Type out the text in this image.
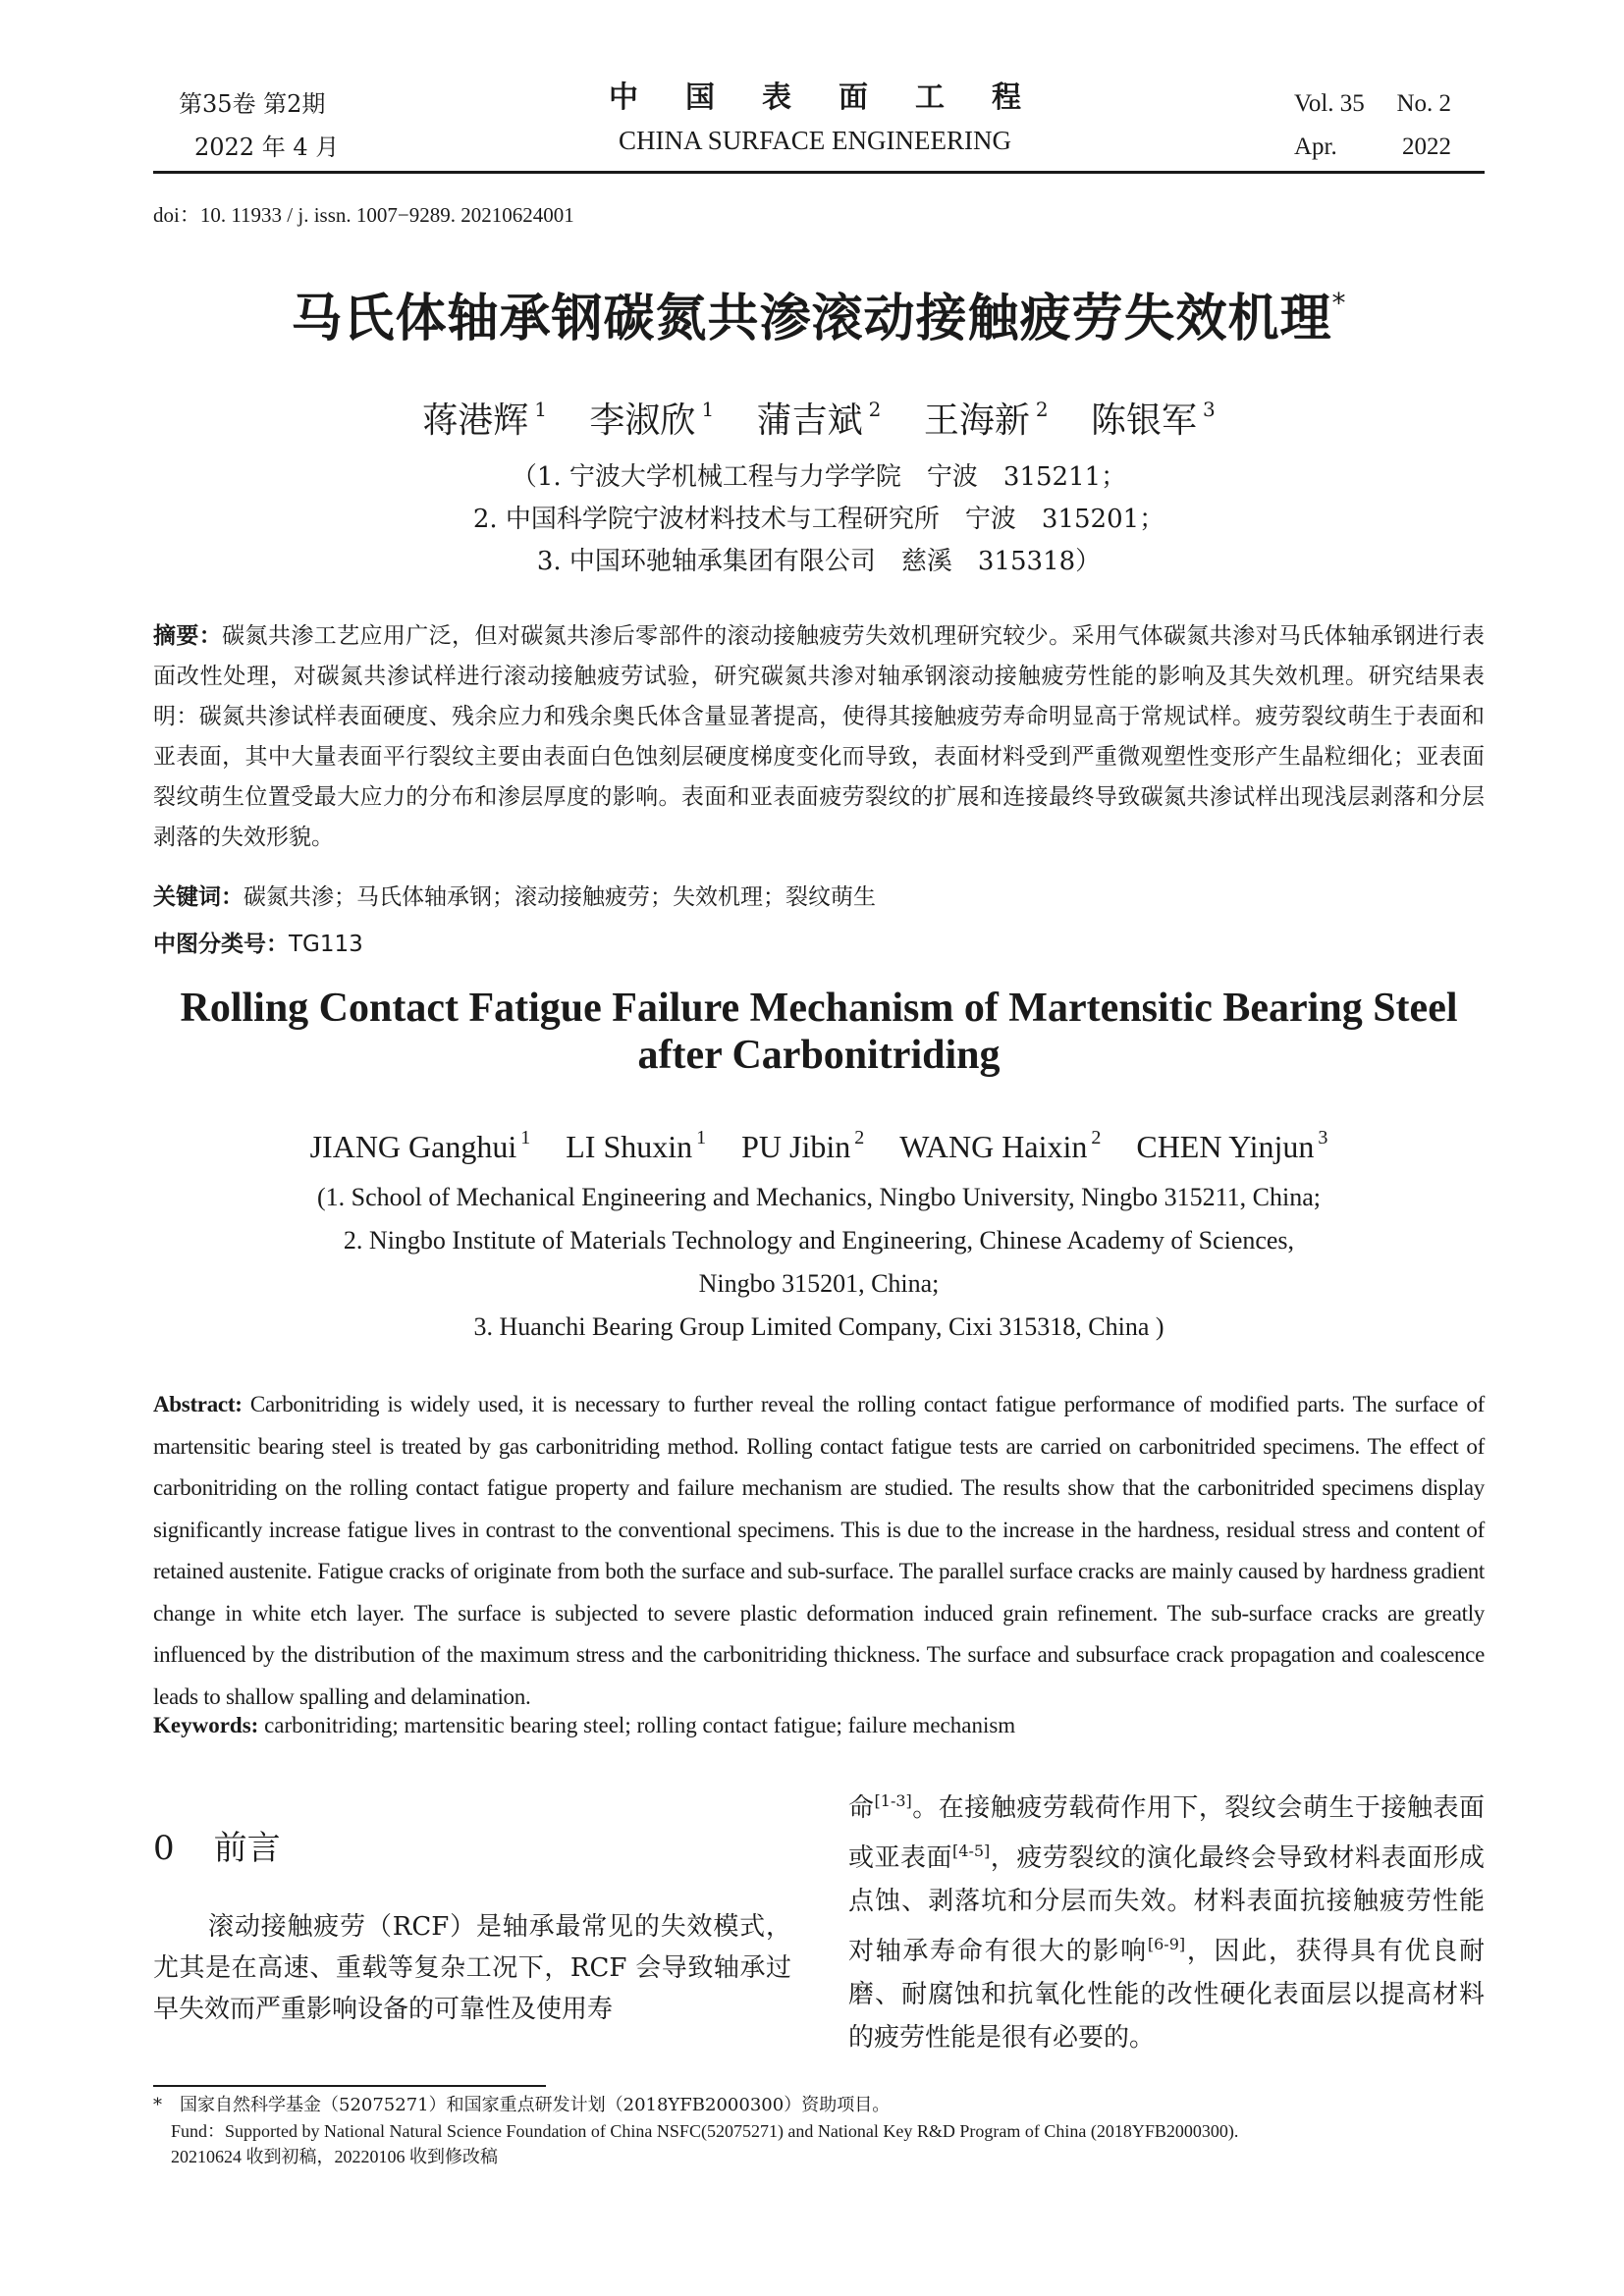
第35卷 第2期
2022 年 4 月
中国表面工程
CHINA SURFACE ENGINEERING
Vol. 35 No. 2
Apr.	2022
doi：10. 11933 / j. issn. 1007−9289. 20210624001
马氏体轴承钢碳氮共渗滚动接触疲劳失效机理*
蒋港辉 $^1$ 李淑欣 $^1$ 蒲吉斌 $^2$ 王海新 $^2$ 陈银军 $^3$
（1. 宁波大学机械工程与力学学院　宁波　315211；
2. 中国科学院宁波材料技术与工程研究所　宁波　315201；
3. 中国环驰轴承集团有限公司　慈溪　315318）
摘要：碳氮共渗工艺应用广泛，但对碳氮共渗后零部件的滚动接触疲劳失效机理研究较少。采用气体碳氮共渗对马氏体轴承钢进行表面改性处理，对碳氮共渗试样进行滚动接触疲劳试验，研究碳氮共渗对轴承钢滚动接触疲劳性能的影响及其失效机理。研究结果表明：碳氮共渗试样表面硬度、残余应力和残余奥氏体含量显著提高，使得其接触疲劳寿命明显高于常规试样。疲劳裂纹萌生于表面和亚表面，其中大量表面平行裂纹主要由表面白色蚀刻层硬度梯度变化而导致，表面材料受到严重微观塑性变形产生晶粒细化；亚表面裂纹萌生位置受最大应力的分布和渗层厚度的影响。表面和亚表面疲劳裂纹的扩展和连接最终导致碳氮共渗试样出现浅层剥落和分层剥落的失效形貌。
关键词：碳氮共渗；马氏体轴承钢；滚动接触疲劳；失效机理；裂纹萌生
中图分类号：TG113
Rolling Contact Fatigue Failure Mechanism of Martensitic Bearing Steel
after Carbonitriding
JIANG Ganghui $^1$ LI Shuxin $^1$ PU Jibin $^2$ WANG Haixin $^2$ CHEN Yinjun $^3$
(1. School of Mechanical Engineering and Mechanics, Ningbo University, Ningbo 315211, China;
2. Ningbo Institute of Materials Technology and Engineering, Chinese Academy of Sciences,
Ningbo 315201, China;
3. Huanchi Bearing Group Limited Company, Cixi 315318, China )
Abstract: Carbonitriding is widely used, it is necessary to further reveal the rolling contact fatigue performance of modified parts. The surface of martensitic bearing steel is treated by gas carbonitriding method. Rolling contact fatigue tests are carried on carbonitrided specimens. The effect of carbonitriding on the rolling contact fatigue property and failure mechanism are studied. The results show that the carbonitrided specimens display significantly increase fatigue lives in contrast to the conventional specimens. This is due to the increase in the hardness, residual stress and content of retained austenite. Fatigue cracks of originate from both the surface and sub-surface. The parallel surface cracks are mainly caused by hardness gradient change in white etch layer. The surface is subjected to severe plastic deformation induced grain refinement. The sub-surface cracks are greatly influenced by the distribution of the maximum stress and the carbonitriding thickness. The surface and subsurface crack propagation and coalescence leads to shallow spalling and delamination.
Keywords: carbonitriding; martensitic bearing steel; rolling contact fatigue; failure mechanism
0 前言

滚动接触疲劳（RCF）是轴承最常见的失效模式，尤其是在高速、重载等复杂工况下，RCF 会导致轴承过早失效而严重影响设备的可靠性及使用寿

命[1-3]。在接触疲劳载荷作用下，裂纹会萌生于接触表面或亚表面[4-5]，疲劳裂纹的演化最终会导致材料表面形成点蚀、剥落坑和分层而失效。材料表面抗接触疲劳性能对轴承寿命有很大的影响[6-9]，因此，获得具有优良耐磨、耐腐蚀和抗氧化性能的改性硬化表面层以提高材料的疲劳性能是很有必要的。

*　国家自然科学基金（52075271）和国家重点研发计划（2018YFB2000300）资助项目。
Fund：Supported by National Natural Science Foundation of China NSFC(52075271) and National Key R&D Program of China (2018YFB2000300).
20210624 收到初稿，20220106 收到修改稿
